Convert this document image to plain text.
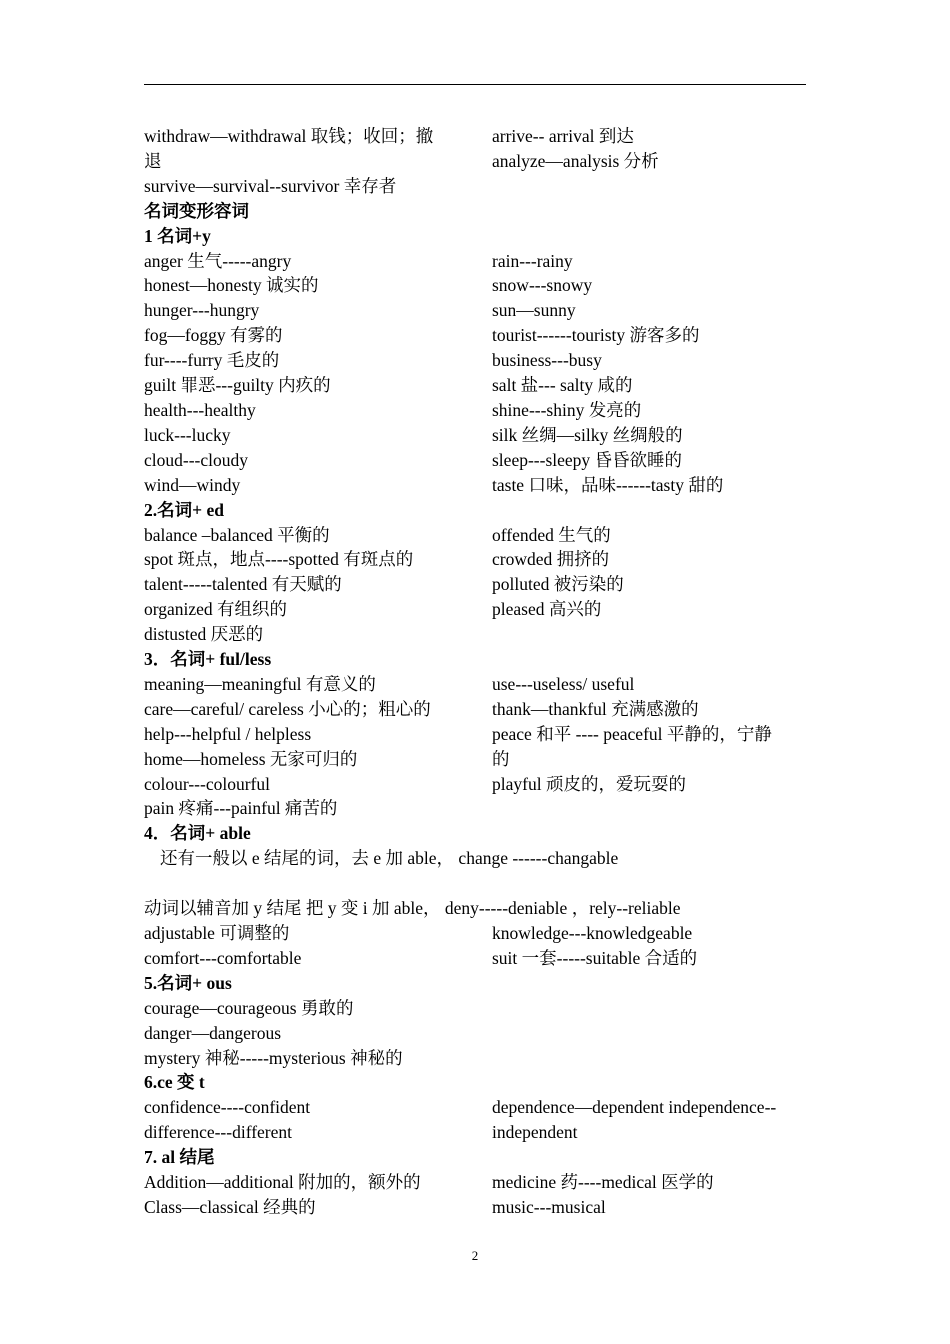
withdraw—withdrawal 取钱；收回；撤	arrive-- arrival 到达
退	analyze—analysis 分析
survive—survival--survivor 幸存者
名词变形容词
1 名词+y
anger 生气-----angry	rain---rainy
honest—honesty 诚实的	snow---snowy
hunger---hungry	sun—sunny
fog—foggy 有雾的	tourist------touristy 游客多的
fur----furry 毛皮的	business---busy
guilt 罪恶---guilty 内疚的	salt 盐--- salty 咸的
health---healthy	shine---shiny 发亮的
luck---lucky	silk 丝绸—silky 丝绸般的
cloud---cloudy	sleep---sleepy 昏昏欲睡的
wind—windy	taste 口味，品味------tasty 甜的
2.名词+ ed
balance –balanced 平衡的	offended 生气的
spot 斑点，地点----spotted 有斑点的	crowded 拥挤的
talent-----talented 有天赋的	polluted 被污染的
organized 有组织的	pleased 高兴的
distusted 厌恶的
3．名词+ ful/less
meaning—meaningful 有意义的	use---useless/ useful
care—careful/ careless 小心的；粗心的	thank—thankful 充满感激的
help---helpful / helpless	peace 和平 ---- peaceful 平静的，宁静
home—homeless 无家可归的	的
colour---colourful	playful 顽皮的，爱玩耍的
pain 疼痛---painful 痛苦的
4．名词+ able
还有一般以 e 结尾的词，去 e 加 able， change ------changable
动词以辅音加 y 结尾 把 y 变 i 加 able， deny-----deniable ，rely--reliable
adjustable 可调整的	knowledge---knowledgeable
comfort---comfortable	suit 一套-----suitable 合适的
5.名词+ ous
courage—courageous 勇敢的
danger—dangerous
mystery 神秘-----mysterious 神秘的
6.ce 变 t
confidence----confident	dependence—dependent independence--
difference---different	independent
7. al 结尾
Addition—additional 附加的，额外的	medicine 药----medical 医学的
Class—classical 经典的	music---musical
2
